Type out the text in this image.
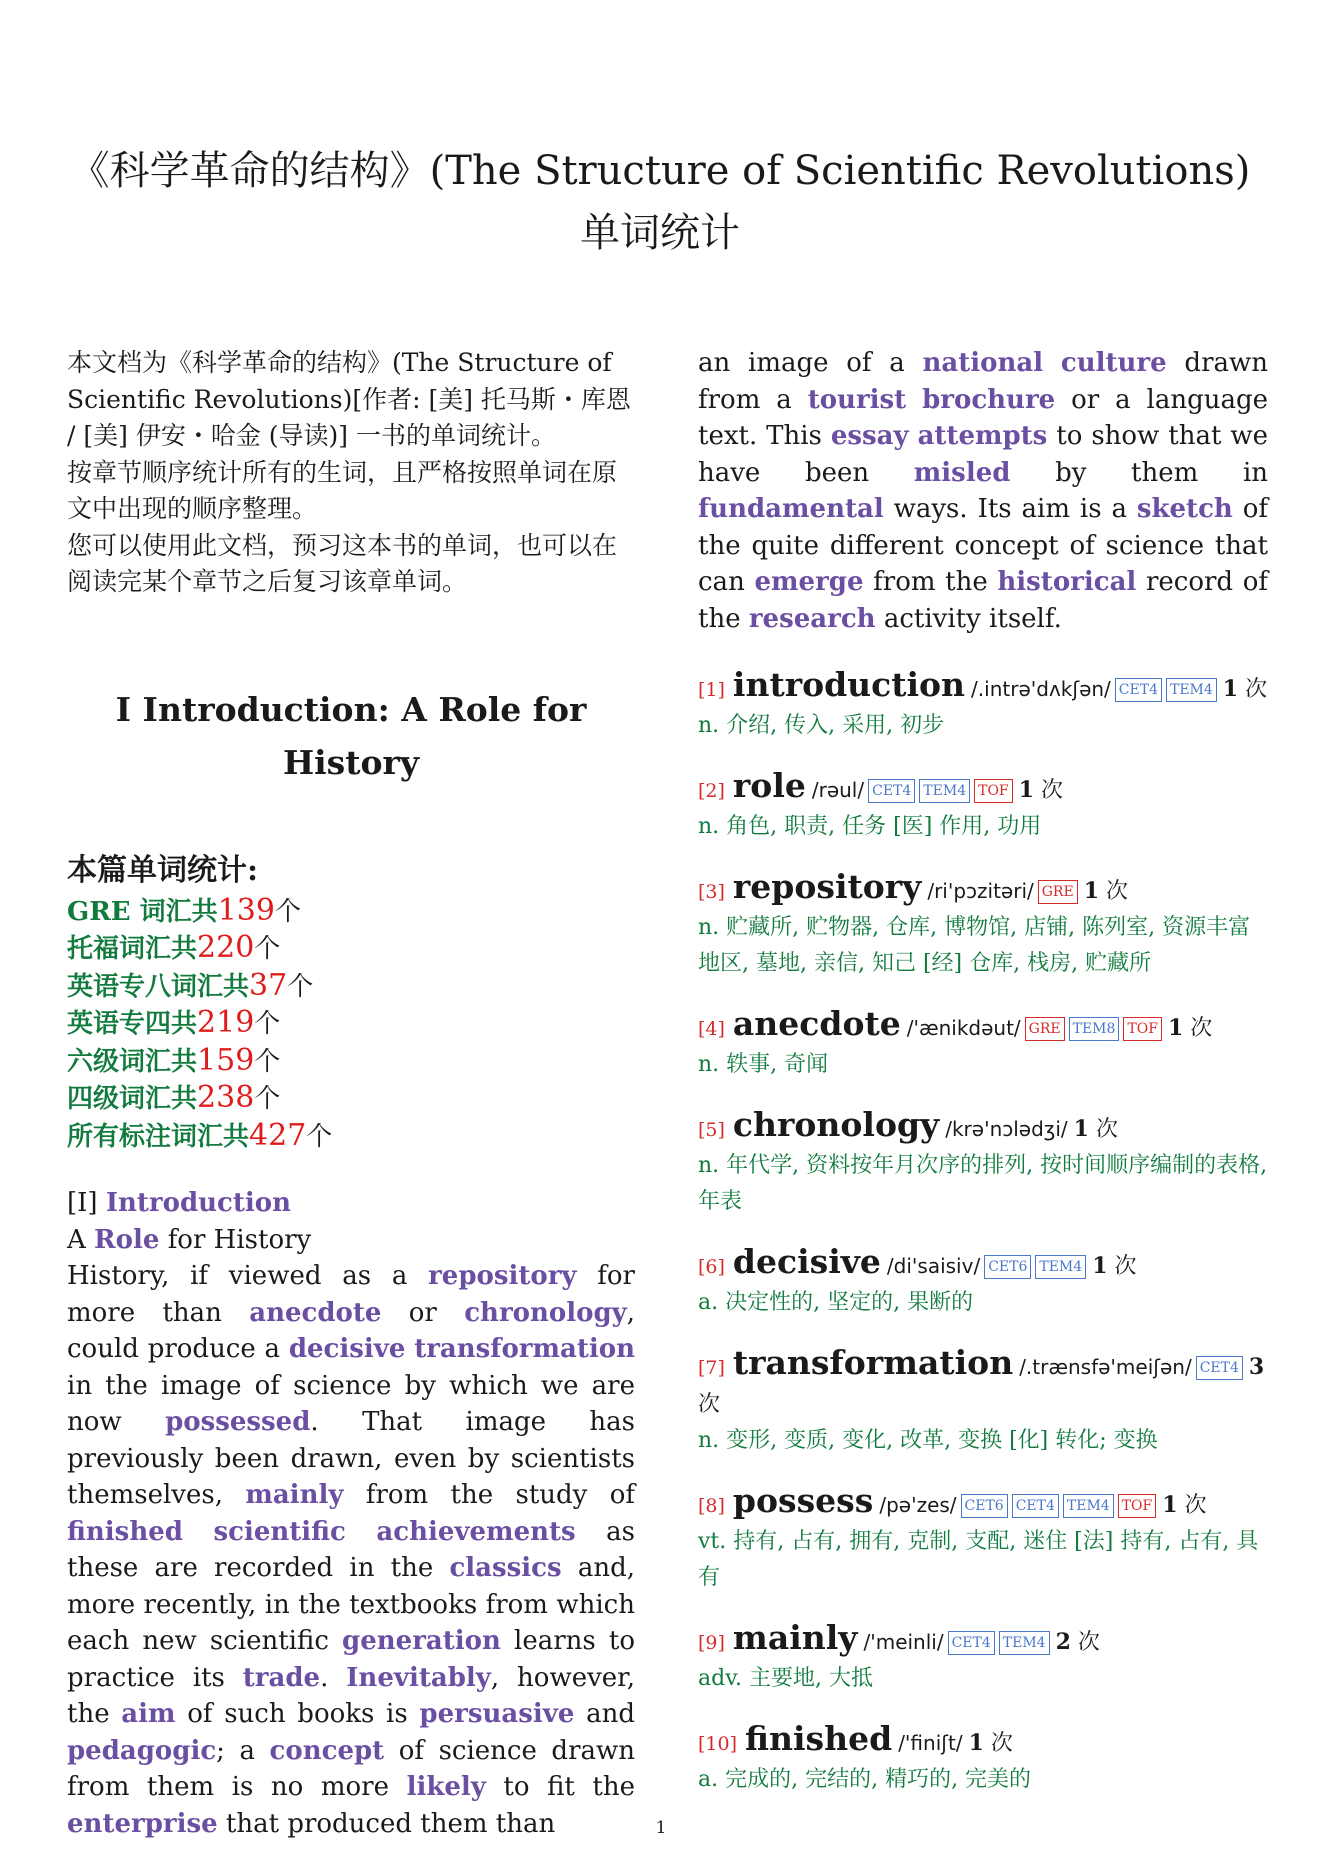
《科学革命的结构》(The Structure of Scientific Revolutions) 单词统计

本文档为《科学革命的结构》(The Structure of Scientific Revolutions)[作者: [美] 托马斯・库恩 / [美] 伊安・哈金 (导读)] 一书的单词统计。

按章节顺序统计所有的生词，且严格按照单词在原文中出现的顺序整理。

您可以使用此文档，预习这本书的单词，也可以在阅读完某个章节之后复习该章单词。

I Introduction: A Role for History
本篇单词统计:
GRE 词汇共139个
托福词汇共220个
英语专八词汇共37个
英语专四共219个
六级词汇共159个
四级词汇共238个
所有标注词汇共427个
[I] Introduction
A Role for History

History, if viewed as a repository for more than anecdote or chronology, could produce a decisive transformation in the image of science by which we are now possessed. That image has previously been drawn, even by scientists themselves, mainly from the study of finished scientific achievements as these are recorded in the classics and, more recently, in the textbooks from which each new scientific generation learns to practice its trade. Inevitably, however, the aim of such books is persuasive and pedagogic; a concept of science drawn from them is no more likely to fit the enterprise that produced them than

an image of a national culture drawn from a tourist brochure or a language text. This essay attempts to show that we have been misled by them in fundamental ways. Its aim is a sketch of the quite different concept of science that can emerge from the historical record of the research activity itself.

[1] introduction /.intrə'dʌkʃən/ CET4 TEM4 1 次
n. 介绍, 传入, 采用, 初步
[2] role /rəul/ CET4 TEM4 TOF 1 次
n. 角色, 职责, 任务 [医] 作用, 功用
[3] repository /ri'pɔzitəri/ GRE 1 次
n. 贮藏所, 贮物器, 仓库, 博物馆, 店铺, 陈列室, 资源丰富地区, 墓地, 亲信, 知己 [经] 仓库, 栈房, 贮藏所
[4] anecdote /'ænikdəut/ GRE TEM8 TOF 1 次
n. 轶事, 奇闻
[5] chronology /krə'nɔlədʒi/ 1 次
n. 年代学, 资料按年月次序的排列, 按时间顺序编制的表格, 年表
[6] decisive /di'saisiv/ CET6 TEM4 1 次
a. 决定性的, 坚定的, 果断的
[7] transformation /.trænsfə'meiʃən/ CET4 3 次
n. 变形, 变质, 变化, 改革, 变换 [化] 转化; 变换
[8] possess /pə'zes/ CET6 CET4 TEM4 TOF 1 次
vt. 持有, 占有, 拥有, 克制, 支配, 迷住 [法] 持有, 占有, 具有
[9] mainly /'meinli/ CET4 TEM4 2 次
adv. 主要地, 大抵
[10] finished /'finiʃt/ 1 次
a. 完成的, 完结的, 精巧的, 完美的
1
